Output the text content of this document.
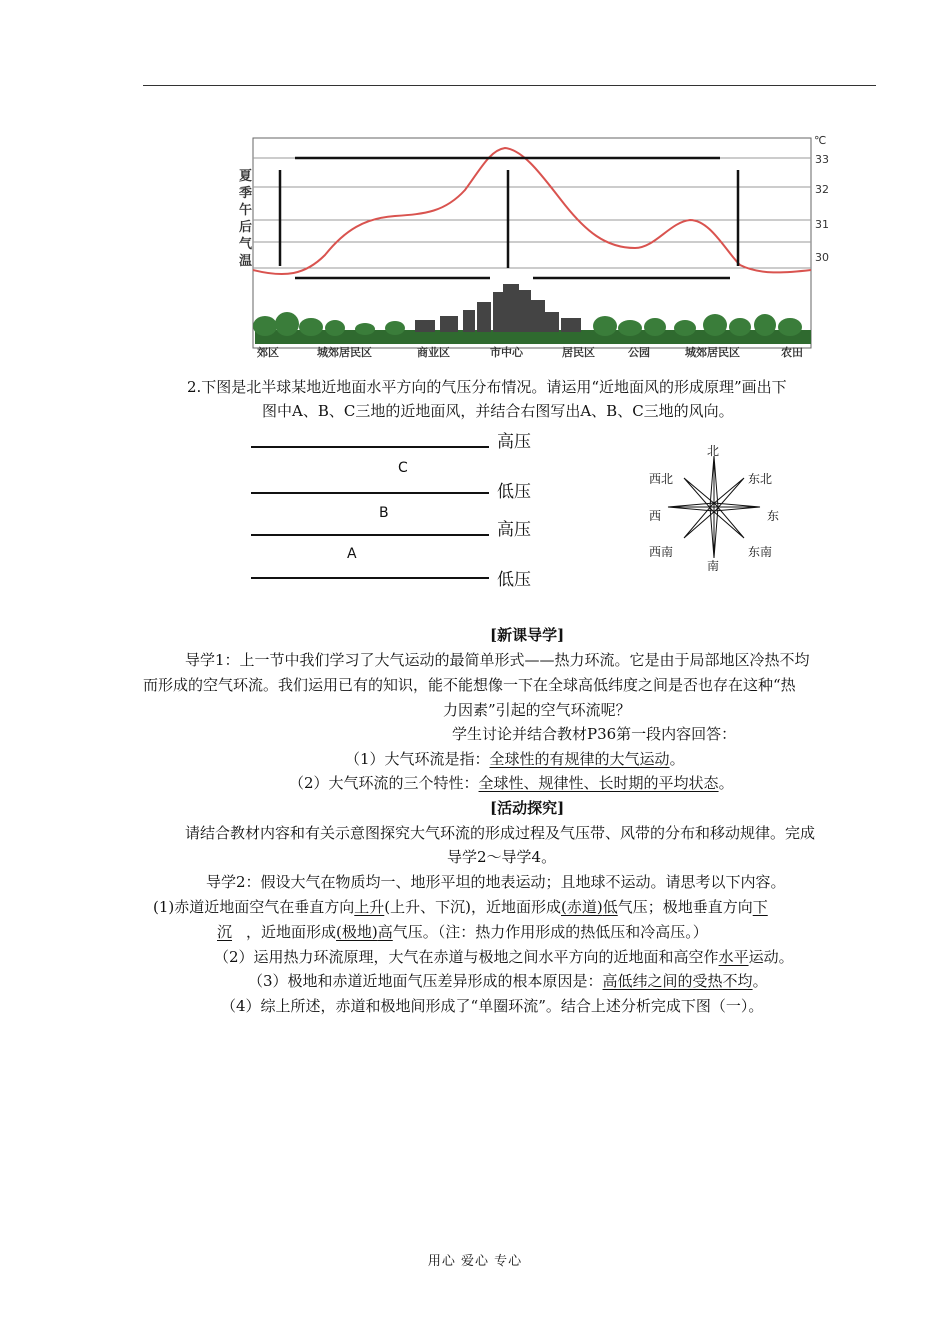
夏季午后气温
℃
33
32
31
30
郊区	城郊居民区	商业区	市中心	居民区	公园	城郊居民区	农田
2.下图是北半球某地近地面水平方向的气压分布情况。请运用“近地面风的形成原理”画出下
图中A、B、C三地的近地面风，并结合右图写出A、B、C三地的风向。
高压
低压
高压
低压
C
B
A
北
东北
东
东南
南
西南
西
西北
[新课导学]
导学1：上一节中我们学习了大气运动的最简单形式——热力环流。它是由于局部地区冷热不均
而形成的空气环流。我们运用已有的知识，能不能想像一下在全球高低纬度之间是否也存在这种“热
力因素”引起的空气环流呢？
学生讨论并结合教材P36第一段内容回答：
（1）大气环流是指：全球性的有规律的大气运动。
（2）大气环流的三个特性：全球性、规律性、长时期的平均状态。
[活动探究]
请结合教材内容和有关示意图探究大气环流的形成过程及气压带、风带的分布和移动规律。完成
导学2～导学4。
导学2：假设大气在物质均一、地形平坦的地表运动；且地球不运动。请思考以下内容。
(1)赤道近地面空气在垂直方向上升(上升、下沉)，近地面形成(赤道)低气压；极地垂直方向下
沉 ，近地面形成(极地)高气压。（注：热力作用形成的热低压和冷高压。）
（2）运用热力环流原理，大气在赤道与极地之间水平方向的近地面和高空作水平运动。
（3）极地和赤道近地面气压差异形成的根本原因是：高低纬之间的受热不均。
（4）综上所述，赤道和极地间形成了“单圈环流”。结合上述分析完成下图（一）。
用心 爱心 专心
